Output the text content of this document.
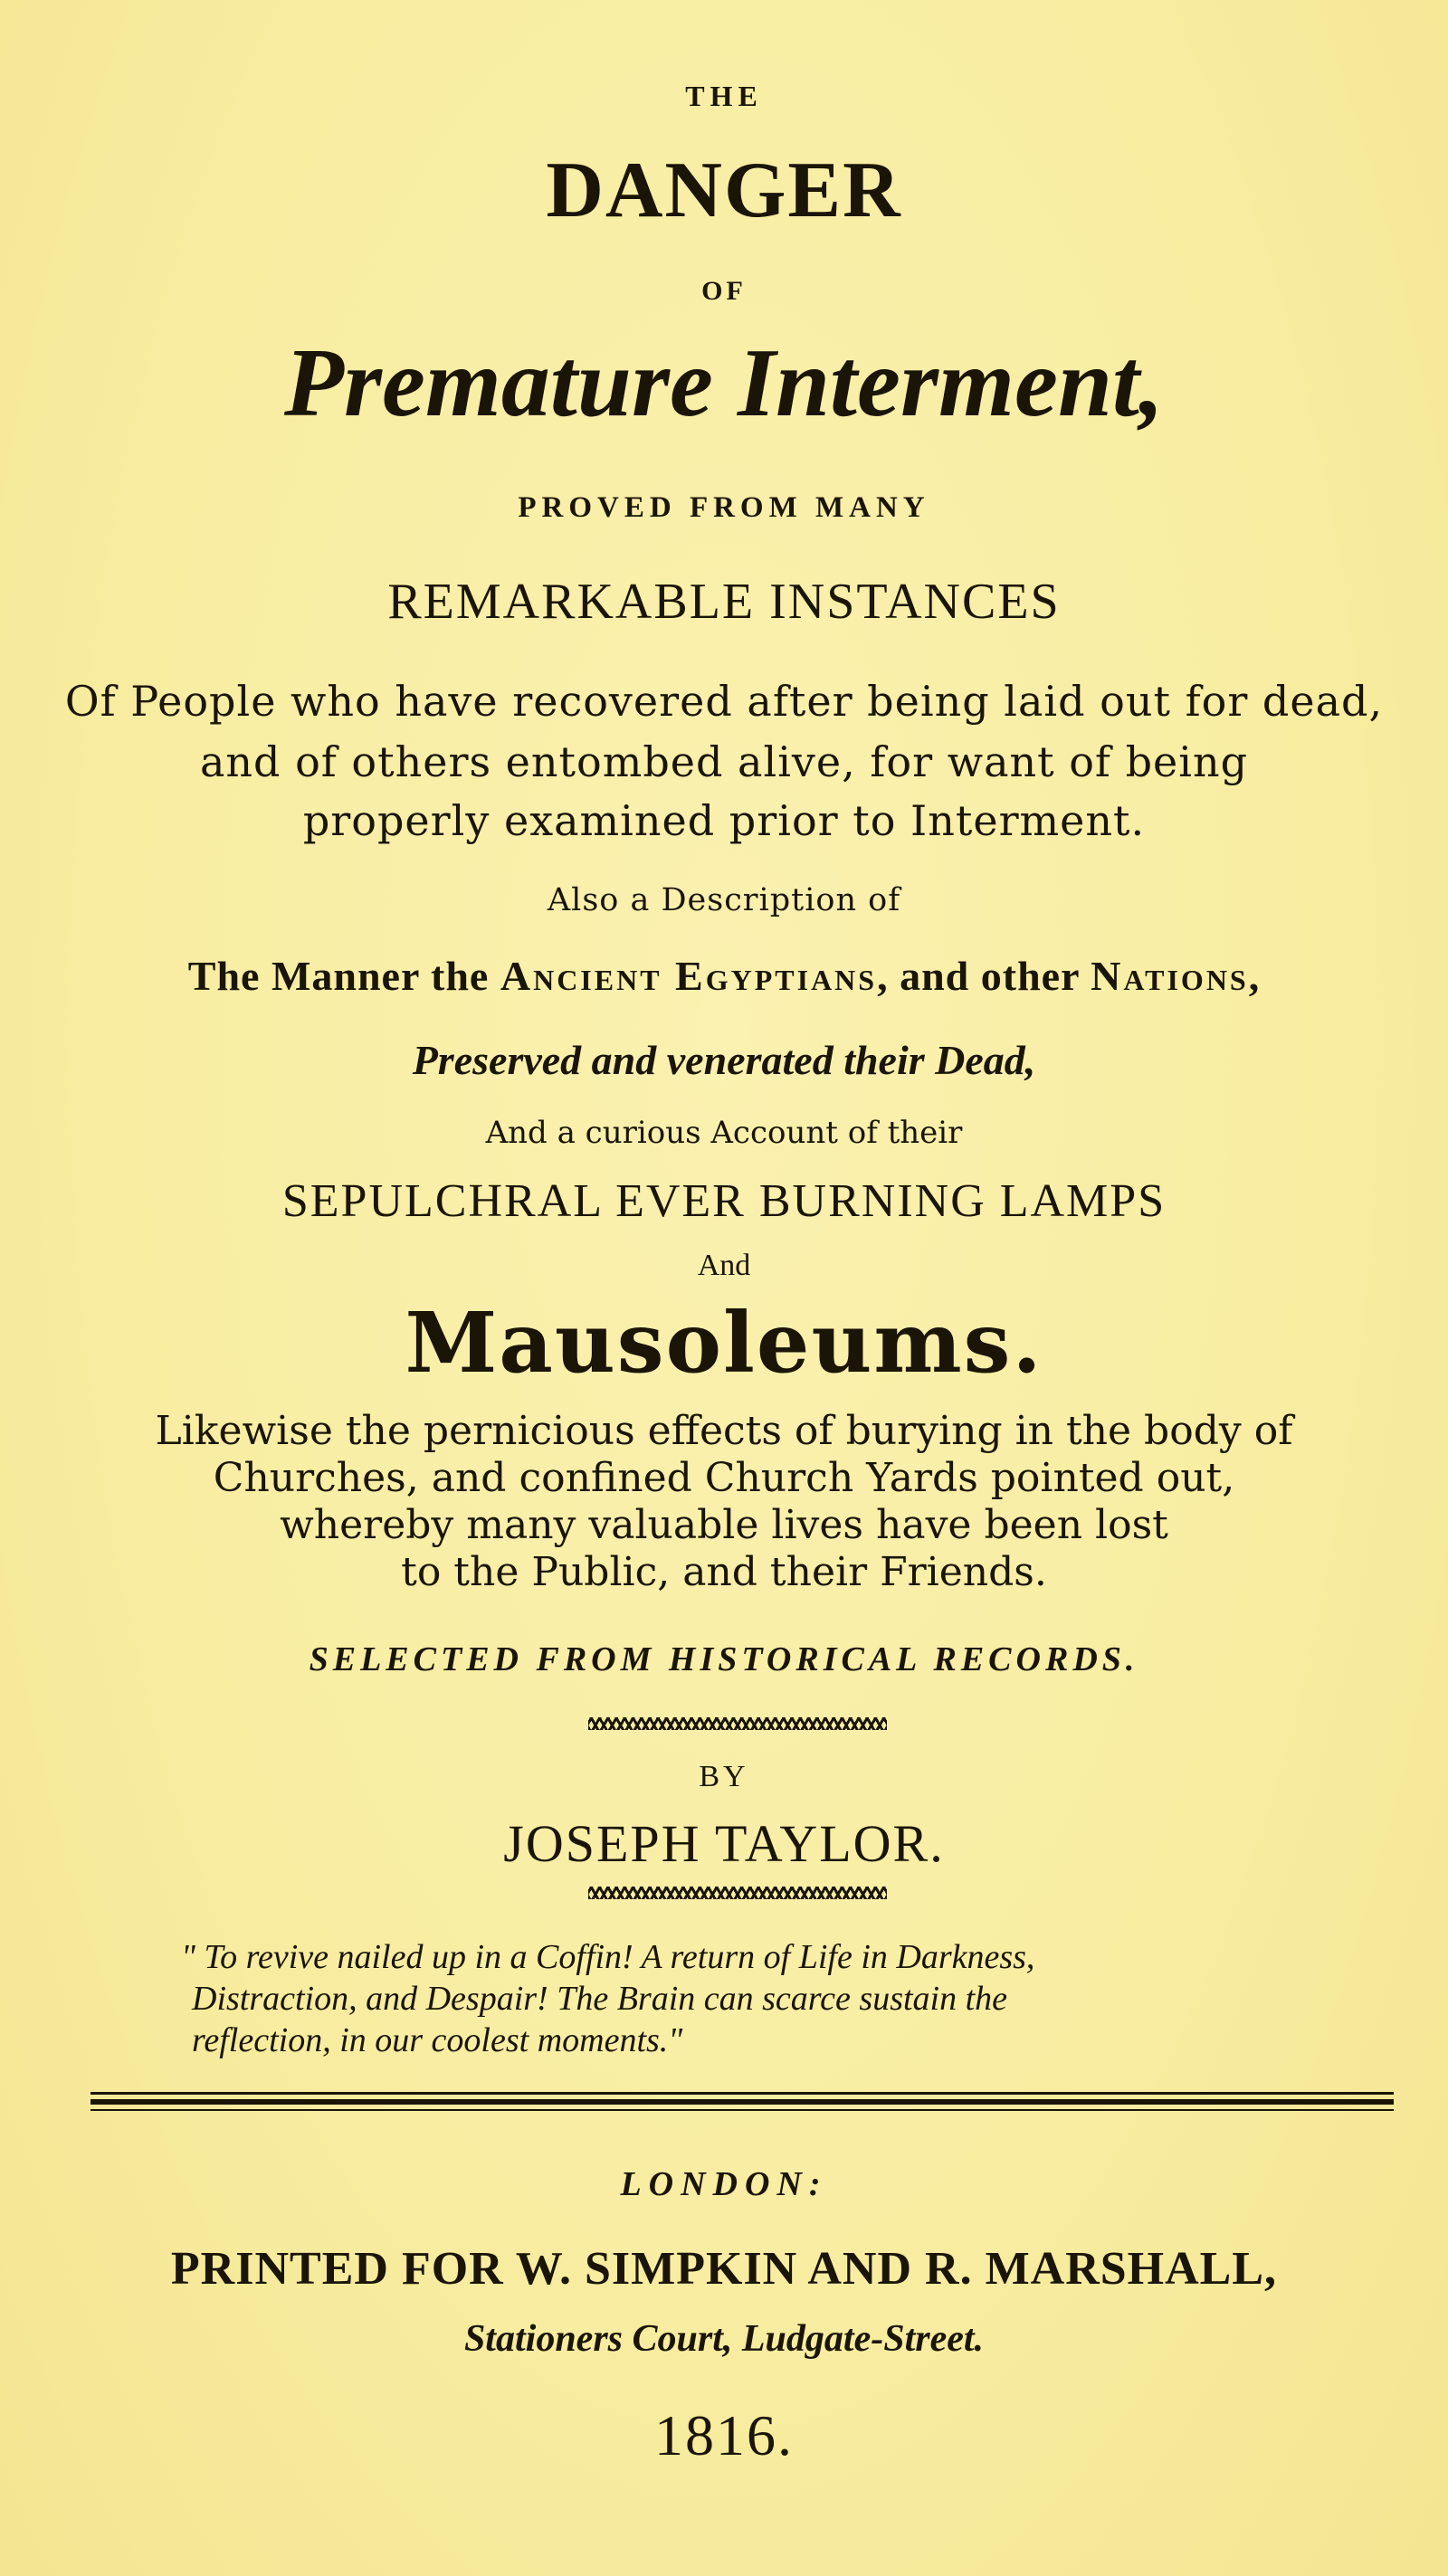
THE
DANGER
OF
Premature Interment,
PROVED FROM MANY
REMARKABLE INSTANCES
Of People who have recovered after being laid out for dead,
and of others entombed alive, for want of being
properly examined prior to Interment.
Also a Description of
The Manner the Ancient Egyptians, and other Nations,
Preserved and venerated their Dead,
And a curious Account of their
SEPULCHRAL EVER BURNING LAMPS
And
Mausoleums.
Likewise the pernicious effects of burying in the body of
Churches, and confined Church Yards pointed out,
whereby many valuable lives have been lost
to the Public, and their Friends.
SELECTED FROM HISTORICAL RECORDS.
BY
JOSEPH TAYLOR.
" To revive nailed up in a Coffin! A return of Life in Darkness,
Distraction, and Despair! The Brain can scarce sustain the
reflection, in our coolest moments."
LONDON:
PRINTED FOR W. SIMPKIN AND R. MARSHALL,
Stationers Court, Ludgate-Street.
1816.
